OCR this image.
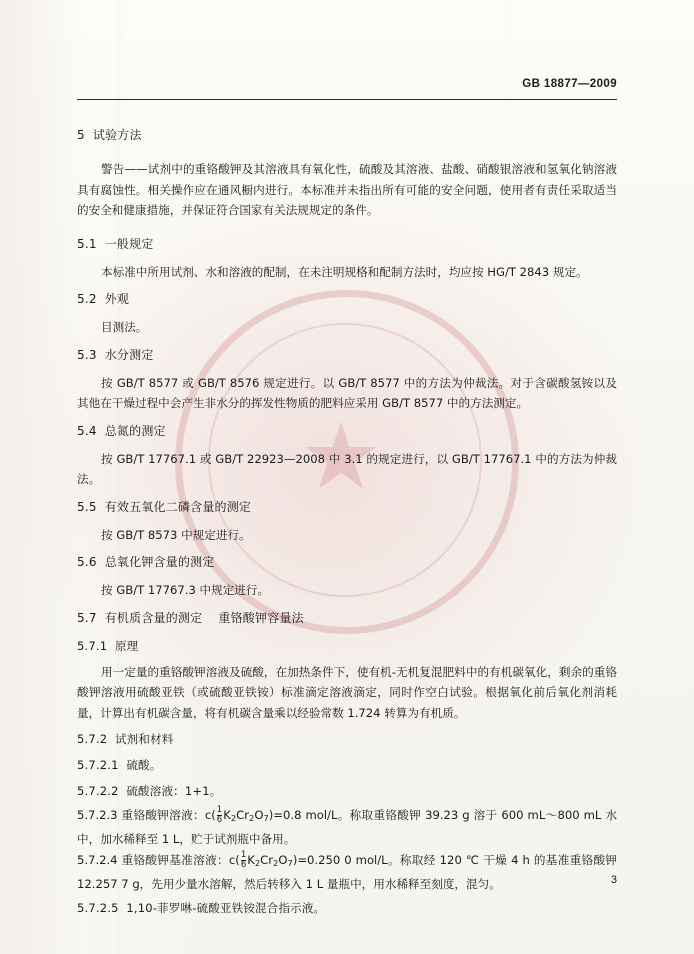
★
GB 18877—2009
5  试验方法
警告——试剂中的重铬酸钾及其溶液具有氧化性，硫酸及其溶液、盐酸、硝酸银溶液和氢氧化钠溶液具有腐蚀性。相关操作应在通风橱内进行。本标准并未指出所有可能的安全问题，使用者有责任采取适当的安全和健康措施，并保证符合国家有关法规规定的条件。
5.1  一般规定
本标准中所用试剂、水和溶液的配制，在未注明规格和配制方法时，均应按 HG/T 2843 规定。
5.2  外观
目测法。
5.3  水分测定
按 GB/T 8577 或 GB/T 8576 规定进行。以 GB/T 8577 中的方法为仲裁法。对于含碳酸氢铵以及其他在干燥过程中会产生非水分的挥发性物质的肥料应采用 GB/T 8577 中的方法测定。
5.4  总氮的测定
按 GB/T 17767.1 或 GB/T 22923—2008 中 3.1 的规定进行，以 GB/T 17767.1 中的方法为仲裁法。
5.5  有效五氧化二磷含量的测定
按 GB/T 8573 中规定进行。
5.6  总氧化钾含量的测定
按 GB/T 17767.3 中规定进行。
5.7  有机质含量的测定    重铬酸钾容量法
5.7.1  原理
用一定量的重铬酸钾溶液及硫酸，在加热条件下，使有机-无机复混肥料中的有机碳氧化，剩余的重铬酸钾溶液用硫酸亚铁（或硫酸亚铁铵）标准滴定溶液滴定，同时作空白试验。根据氧化前后氧化剂消耗量，计算出有机碳含量，将有机碳含量乘以经验常数 1.724 转算为有机质。
5.7.2  试剂和材料
5.7.2.1  硫酸。
5.7.2.2  硫酸溶液：1+1。
5.7.2.3 重铬酸钾溶液：$c( \frac{1}{6} K_2Cr_2O_7)=0.8$ mol/L。称取重铬酸钾 39.23 g 溶于 600 mL～800 mL 水中，加水稀释至 1 L，贮于试剂瓶中备用。
5.7.2.4 重铬酸钾基准溶液：$c( \frac{1}{6} K_2Cr_2O_7)=0.250$ 0 mol/L。称取经 120 ℃ 干燥 4 h 的基准重铬酸钾 12.257 7 g，先用少量水溶解，然后转移入 1 L 量瓶中，用水稀释至刻度，混匀。
5.7.2.5  1,10-菲罗啉-硫酸亚铁铵混合指示液。
3
